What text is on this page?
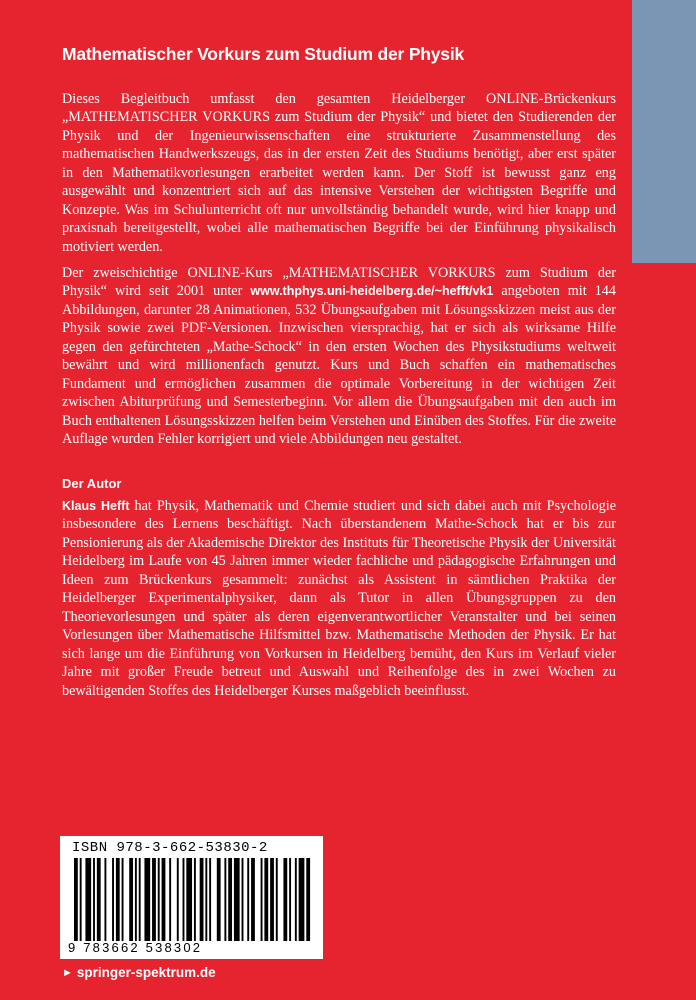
Mathematischer Vorkurs zum Studium der Physik

Dieses Begleitbuch umfasst den gesamten Heidelberger ONLINE-Brückenkurs „MATHEMATISCHER VORKURS zum Studium der Physik“ und bietet den Studierenden der Physik und der Ingenieurwissenschaften eine strukturierte Zusammenstellung des mathematischen Handwerkszeugs, das in der ersten Zeit des Studiums benötigt, aber erst später in den Mathematikvorlesungen erarbeitet werden kann. Der Stoff ist bewusst ganz eng ausgewählt und konzentriert sich auf das intensive Verstehen der wichtigsten Begriffe und Konzepte. Was im Schulunterricht oft nur unvollständig behandelt wurde, wird hier knapp und praxisnah bereitgestellt, wobei alle mathematischen Begriffe bei der Einführung physikalisch motiviert werden.

Der zweischichtige ONLINE-Kurs „MATHEMATISCHER VORKURS zum Studium der Physik“ wird seit 2001 unter www.thphys.uni-heidelberg.de/~hefft/vk1 angeboten mit 144 Abbildungen, darunter 28 Animationen, 532 Übungsaufgaben mit Lösungsskizzen meist aus der Physik sowie zwei PDF-Versionen. Inzwischen viersprachig, hat er sich als wirksame Hilfe gegen den gefürchteten „Mathe-Schock“ in den ersten Wochen des Physikstudiums weltweit bewährt und wird millionenfach genutzt. Kurs und Buch schaffen ein mathematisches Fundament und ermöglichen zusammen die optimale Vorbereitung in der wichtigen Zeit zwischen Abiturprüfung und Semesterbeginn. Vor allem die Übungsaufgaben mit den auch im Buch enthaltenen Lösungsskizzen helfen beim Verstehen und Einüben des Stoffes. Für die zweite Auflage wurden Fehler korrigiert und viele Abbildungen neu gestaltet.

Der Autor

Klaus Hefft hat Physik, Mathematik und Chemie studiert und sich dabei auch mit Psychologie insbesondere des Lernens beschäftigt. Nach überstandenem Mathe-Schock hat er bis zur Pensionierung als der Akademische Direktor des Instituts für Theoretische Physik der Universität Heidelberg im Laufe von 45 Jahren immer wieder fachliche und pädagogische Erfahrungen und Ideen zum Brückenkurs gesammelt: zunächst als Assistent in sämtlichen Praktika der Heidelberger Experimentalphysiker, dann als Tutor in allen Übungsgruppen zu den Theorievorlesungen und später als deren eigenverantwortlicher Veranstalter und bei seinen Vorlesungen über Mathematische Hilfsmittel bzw. Mathematische Methoden der Physik. Er hat sich lange um die Einführung von Vorkursen in Heidelberg bemüht, den Kurs im Verlauf vieler Jahre mit großer Freude betreut und Auswahl und Reihenfolge des in zwei Wochen zu bewältigenden Stoffes des Heidelberger Kurses maßgeblich beeinflusst.

ISBN 978-3-662-53830-2
9 783662 538302
► springer-spektrum.de
